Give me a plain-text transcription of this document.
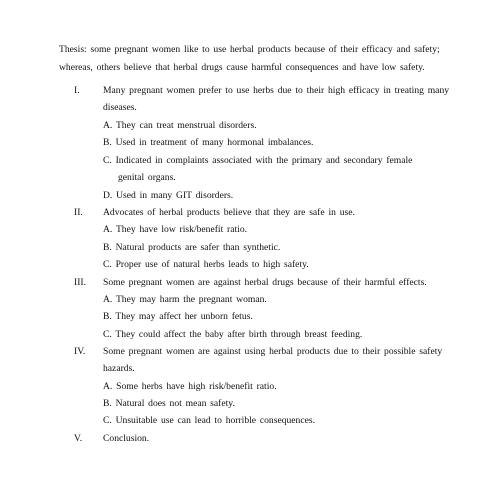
Thesis: some pregnant women like to use herbal products because of their efficacy and safety;
whereas, others believe that herbal drugs cause harmful consequences and have low safety.
I. Many pregnant women prefer to use herbs due to their high efficacy in treating many
diseases.
A. They can treat menstrual disorders.
B. Used in treatment of many hormonal imbalances.
C. Indicated in complaints associated with the primary and secondary female
genital organs.
D. Used in many GIT disorders.
II. Advocates of herbal products believe that they are safe in use.
A. They have low risk/benefit ratio.
B. Natural products are safer than synthetic.
C. Proper use of natural herbs leads to high safety.
III. Some pregnant women are against herbal drugs because of their harmful effects.
A. They may harm the pregnant woman.
B. They may affect her unborn fetus.
C. They could affect the baby after birth through breast feeding.
IV. Some pregnant women are against using herbal products due to their possible safety
hazards.
A. Some herbs have high risk/benefit ratio.
B. Natural does not mean safety.
C. Unsuitable use can lead to horrible consequences.
V. Conclusion.
